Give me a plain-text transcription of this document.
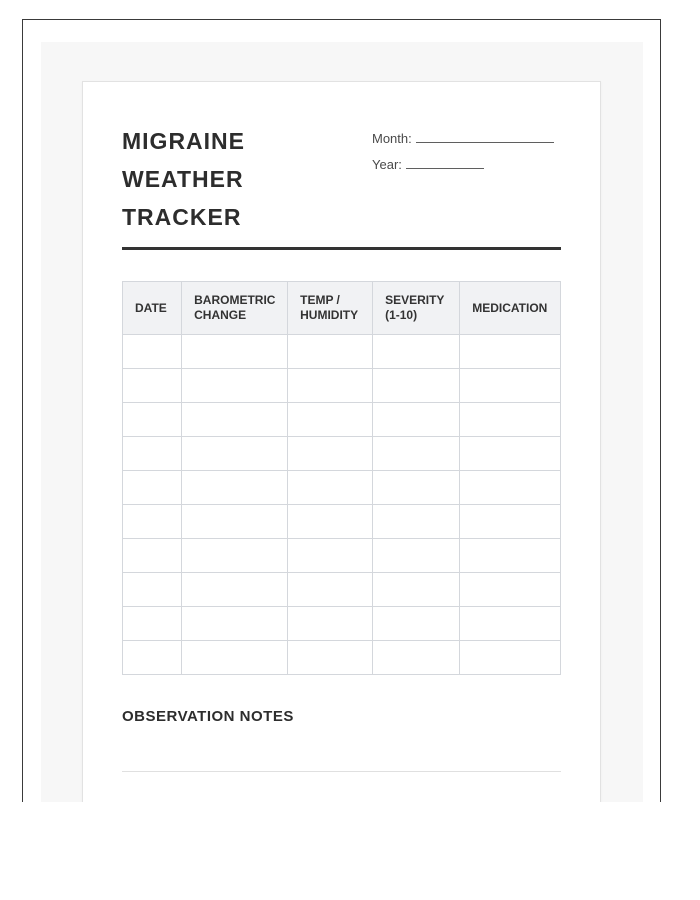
MIGRAINE
WEATHER
TRACKER
Month:
Year:
DATE	BAROMETRIC CHANGE	TEMP / HUMIDITY	SEVERITY (1-10)	MEDICATION

OBSERVATION NOTES
